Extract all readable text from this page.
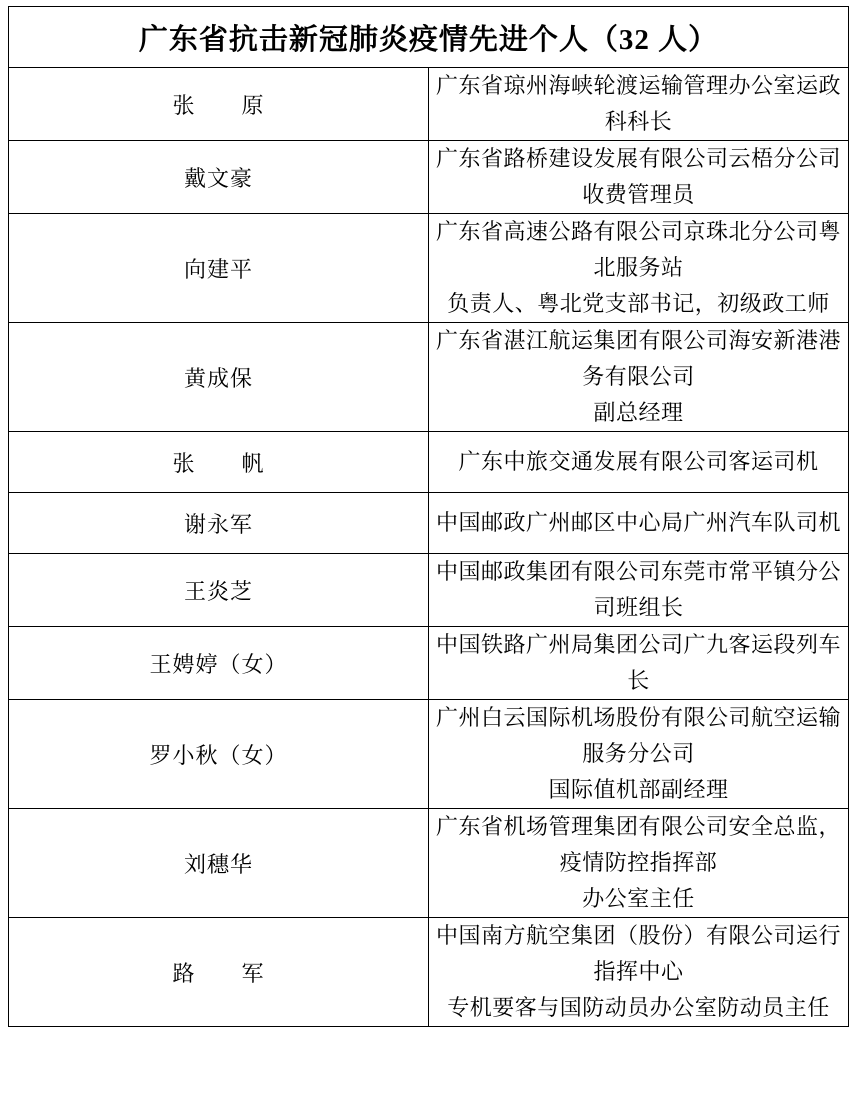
广东省抗击新冠肺炎疫情先进个人（32 人）	
张　　原	广东省琼州海峡轮渡运输管理办公室运政科科长

戴文豪	广东省路桥建设发展有限公司云梧分公司收费管理员

向建平	广东省高速公路有限公司京珠北分公司粤北服务站
负责人、粤北党支部书记，初级政工师

黄成保	广东省湛江航运集团有限公司海安新港港务有限公司
副总经理

张　　帆	广东中旅交通发展有限公司客运司机

谢永军	中国邮政广州邮区中心局广州汽车队司机

王炎芝	中国邮政集团有限公司东莞市常平镇分公司班组长

王娉婷（女）	中国铁路广州局集团公司广九客运段列车长

罗小秋（女）	广州白云国际机场股份有限公司航空运输服务分公司
国际值机部副经理

刘穗华	广东省机场管理集团有限公司安全总监，疫情防控指挥部
办公室主任

路　　军	中国南方航空集团（股份）有限公司运行指挥中心
专机要客与国防动员办公室防动员主任
